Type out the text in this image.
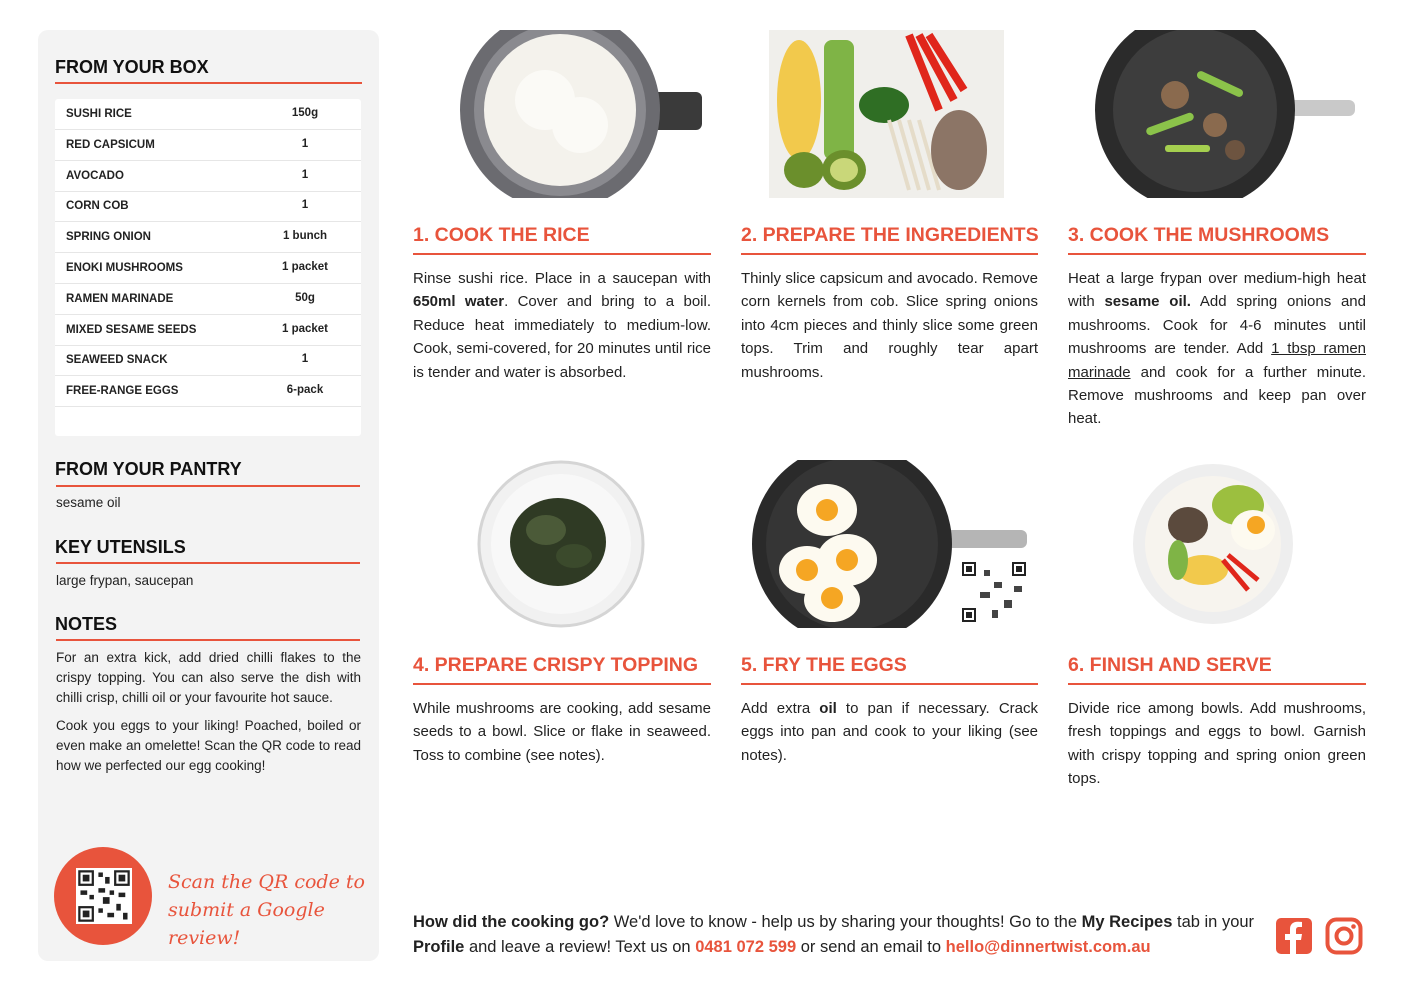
FROM YOUR BOX
SUSHI RICE	150g
RED CAPSICUM	1
AVOCADO	1
CORN COB	1
SPRING ONION	1 bunch
ENOKI MUSHROOMS	1 packet
RAMEN MARINADE	50g
MIXED SESAME SEEDS	1 packet
SEAWEED SNACK	1
FREE-RANGE EGGS	6-pack
FROM YOUR PANTRY
sesame oil
KEY UTENSILS
large frypan, saucepan
NOTES
For an extra kick, add dried chilli flakes to the crispy topping. You can also serve the dish with chilli crisp, chilli oil or your favourite hot sauce.
Cook you eggs to your liking! Poached, boiled or even make an omelette! Scan the QR code to read how we perfected our egg cooking!
Scan the QR code to
submit a Google review!
1. COOK THE RICE
Rinse sushi rice. Place in a saucepan with 650ml water. Cover and bring to a boil. Reduce heat immediately to medium-low. Cook, semi-covered, for 20 minutes until rice is tender and water is absorbed.
2. PREPARE THE INGREDIENTS
Thinly slice capsicum and avocado. Remove corn kernels from cob. Slice spring onions into 4cm pieces and thinly slice some green tops. Trim and roughly tear apart mushrooms.
3. COOK THE MUSHROOMS
Heat a large frypan over medium-high heat with sesame oil. Add spring onions and mushrooms. Cook for 4-6 minutes until mushrooms are tender. Add 1 tbsp ramen marinade and cook for a further minute. Remove mushrooms and keep pan over heat.
4. PREPARE CRISPY TOPPING
While mushrooms are cooking, add sesame seeds to a bowl. Slice or flake in seaweed. Toss to combine (see notes).
5. FRY THE EGGS
Add extra oil to pan if necessary. Crack eggs into pan and cook to your liking (see notes).
6. FINISH AND SERVE
Divide rice among bowls. Add mushrooms, fresh toppings and eggs to bowl. Garnish with crispy topping and spring onion green tops.
How did the cooking go? We'd love to know - help us by sharing your thoughts! Go to the My Recipes tab in your Profile and leave a review! Text us on 0481 072 599 or send an email to hello@dinnertwist.com.au
